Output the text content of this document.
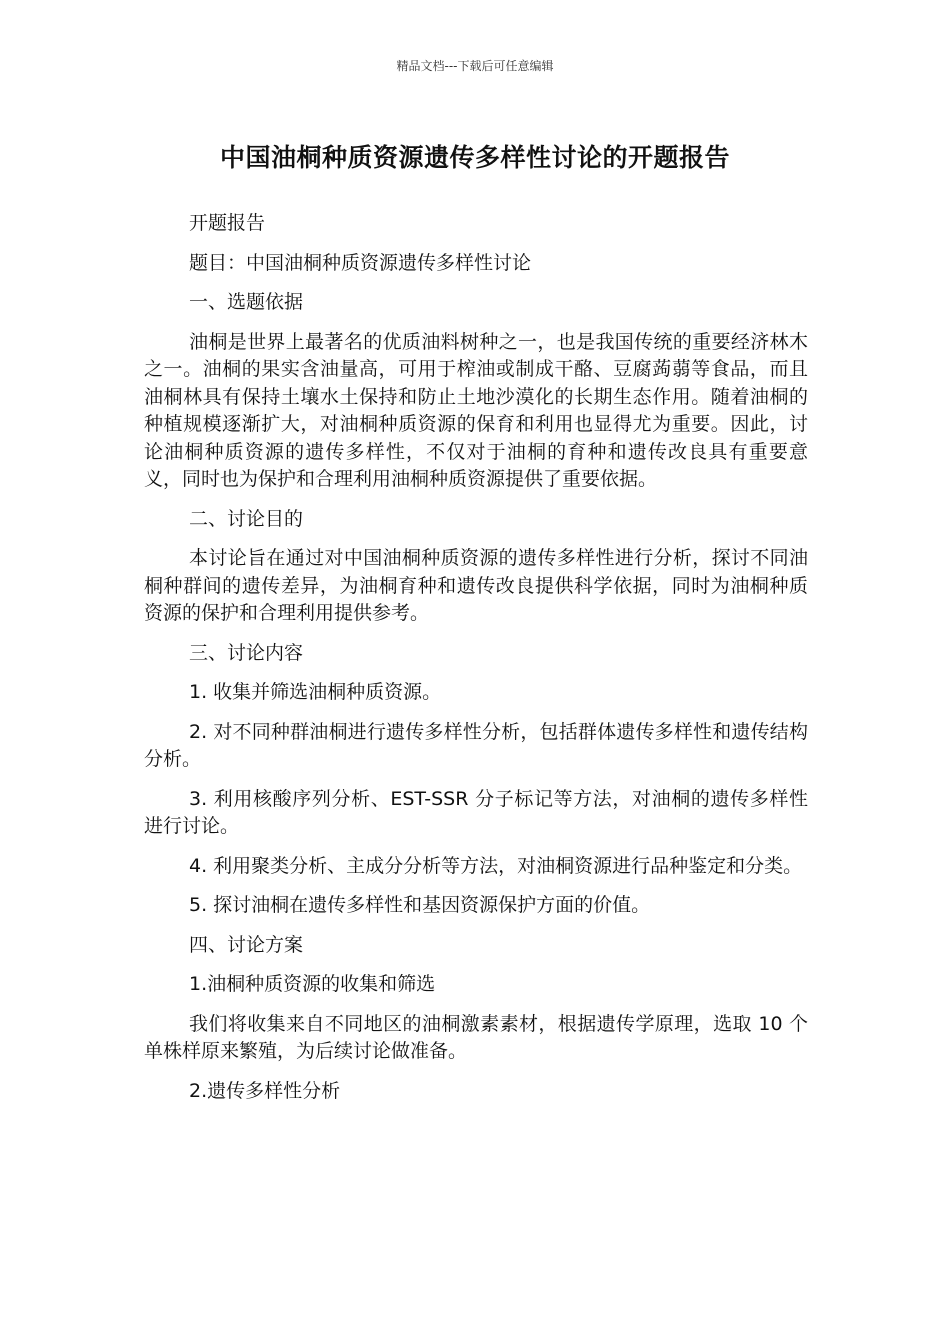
精品文档---下载后可任意编辑
中国油桐种质资源遗传多样性讨论的开题报告

开题报告

题目：中国油桐种质资源遗传多样性讨论

一、选题依据

油桐是世界上最著名的优质油料树种之一，也是我国传统的重要经济林木之一。油桐的果实含油量高，可用于榨油或制成干酪、豆腐蒟蒻等食品，而且油桐林具有保持土壤水土保持和防止土地沙漠化的长期生态作用。随着油桐的种植规模逐渐扩大，对油桐种质资源的保育和利用也显得尤为重要。因此，讨论油桐种质资源的遗传多样性，不仅对于油桐的育种和遗传改良具有重要意义，同时也为保护和合理利用油桐种质资源提供了重要依据。

二、讨论目的

本讨论旨在通过对中国油桐种质资源的遗传多样性进行分析，探讨不同油桐种群间的遗传差异，为油桐育种和遗传改良提供科学依据，同时为油桐种质资源的保护和合理利用提供参考。

三、讨论内容

1. 收集并筛选油桐种质资源。

2. 对不同种群油桐进行遗传多样性分析，包括群体遗传多样性和遗传结构分析。

3. 利用核酸序列分析、EST-SSR 分子标记等方法，对油桐的遗传多样性进行讨论。

4. 利用聚类分析、主成分分析等方法，对油桐资源进行品种鉴定和分类。

5. 探讨油桐在遗传多样性和基因资源保护方面的价值。

四、讨论方案

1.油桐种质资源的收集和筛选

我们将收集来自不同地区的油桐激素素材，根据遗传学原理，选取 10 个单株样原来繁殖，为后续讨论做准备。

2.遗传多样性分析
